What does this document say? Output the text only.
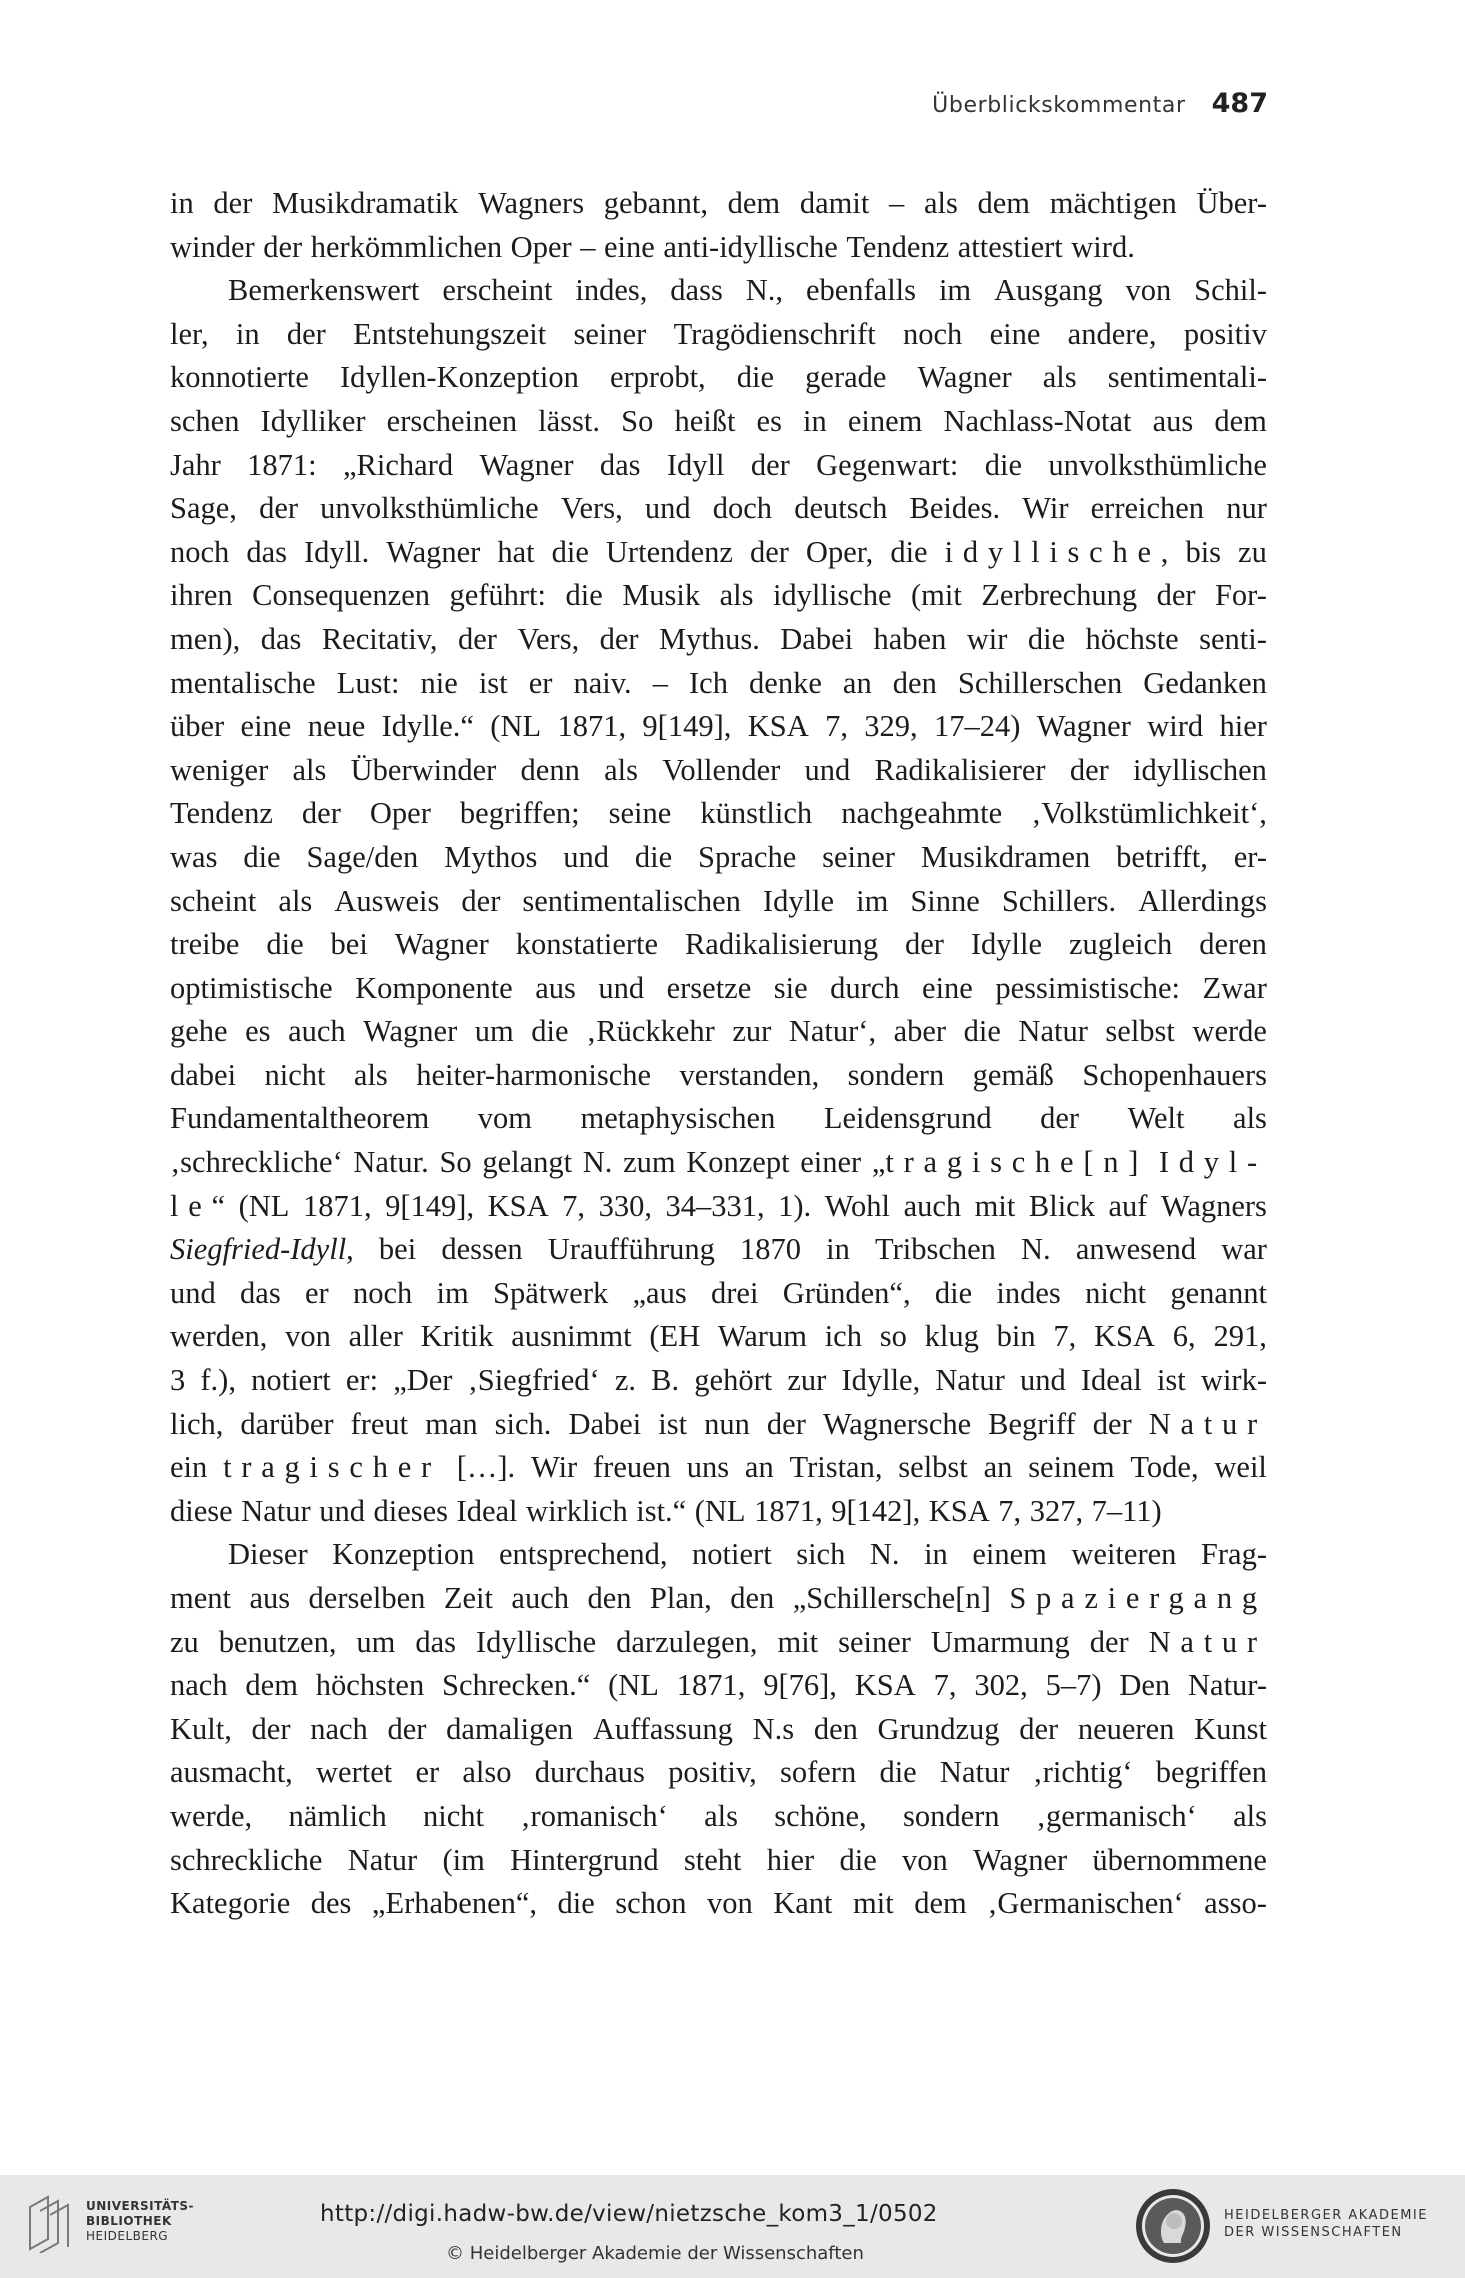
Überblickskommentar 487
in der Musikdramatik Wagners gebannt, dem damit – als dem mächtigen Über-
winder der herkömmlichen Oper – eine anti-idyllische Tendenz attestiert wird.
Bemerkenswert erscheint indes, dass N., ebenfalls im Ausgang von Schil-
ler, in der Entstehungszeit seiner Tragödienschrift noch eine andere, positiv
konnotierte Idyllen-Konzeption erprobt, die gerade Wagner als sentimentali-
schen Idylliker erscheinen lässt. So heißt es in einem Nachlass-Notat aus dem
Jahr 1871: „Richard Wagner das Idyll der Gegenwart: die unvolksthümliche
Sage, der unvolksthümliche Vers, und doch deutsch Beides. Wir erreichen nur
noch das Idyll. Wagner hat die Urtendenz der Oper, die idyllische, bis zu
ihren Consequenzen geführt: die Musik als idyllische (mit Zerbrechung der For-
men), das Recitativ, der Vers, der Mythus. Dabei haben wir die höchste senti-
mentalische Lust: nie ist er naiv. – Ich denke an den Schillerschen Gedanken
über eine neue Idylle.“ (NL 1871, 9[149], KSA 7, 329, 17–24) Wagner wird hier
weniger als Überwinder denn als Vollender und Radikalisierer der idyllischen
Tendenz der Oper begriffen; seine künstlich nachgeahmte ‚Volkstümlichkeit‘,
was die Sage/den Mythos und die Sprache seiner Musikdramen betrifft, er-
scheint als Ausweis der sentimentalischen Idylle im Sinne Schillers. Allerdings
treibe die bei Wagner konstatierte Radikalisierung der Idylle zugleich deren
optimistische Komponente aus und ersetze sie durch eine pessimistische: Zwar
gehe es auch Wagner um die ‚Rückkehr zur Natur‘, aber die Natur selbst werde
dabei nicht als heiter-harmonische verstanden, sondern gemäß Schopenhauers
Fundamentaltheorem vom metaphysischen Leidensgrund der Welt als
‚schreckliche‘ Natur. So gelangt N. zum Konzept einer „tragische[n] Idyl-
le“ (NL 1871, 9[149], KSA 7, 330, 34–331, 1). Wohl auch mit Blick auf Wagners
Siegfried-Idyll, bei dessen Uraufführung 1870 in Tribschen N. anwesend war
und das er noch im Spätwerk „aus drei Gründen“, die indes nicht genannt
werden, von aller Kritik ausnimmt (EH Warum ich so klug bin 7, KSA 6, 291,
3 f.), notiert er: „Der ‚Siegfried‘ z. B. gehört zur Idylle, Natur und Ideal ist wirk-
lich, darüber freut man sich. Dabei ist nun der Wagnersche Begriff der Natur
ein tragischer […]. Wir freuen uns an Tristan, selbst an seinem Tode, weil
diese Natur und dieses Ideal wirklich ist.“ (NL 1871, 9[142], KSA 7, 327, 7–11)
Dieser Konzeption entsprechend, notiert sich N. in einem weiteren Frag-
ment aus derselben Zeit auch den Plan, den „Schillersche[n] Spaziergang
zu benutzen, um das Idyllische darzulegen, mit seiner Umarmung der Natur
nach dem höchsten Schrecken.“ (NL 1871, 9[76], KSA 7, 302, 5–7) Den Natur-
Kult, der nach der damaligen Auffassung N.s den Grundzug der neueren Kunst
ausmacht, wertet er also durchaus positiv, sofern die Natur ‚richtig‘ begriffen
werde, nämlich nicht ‚romanisch‘ als schöne, sondern ‚germanisch‘ als
schreckliche Natur (im Hintergrund steht hier die von Wagner übernommene
Kategorie des „Erhabenen“, die schon von Kant mit dem ‚Germanischen‘ asso-
UNIVERSITÄTS-
BIBLIOTHEK
HEIDELBERG
http://digi.hadw-bw.de/view/nietzsche_kom3_1/0502
© Heidelberger Akademie der Wissenschaften
HEIDELBERGER AKADEMIE
DER WISSENSCHAFTEN
